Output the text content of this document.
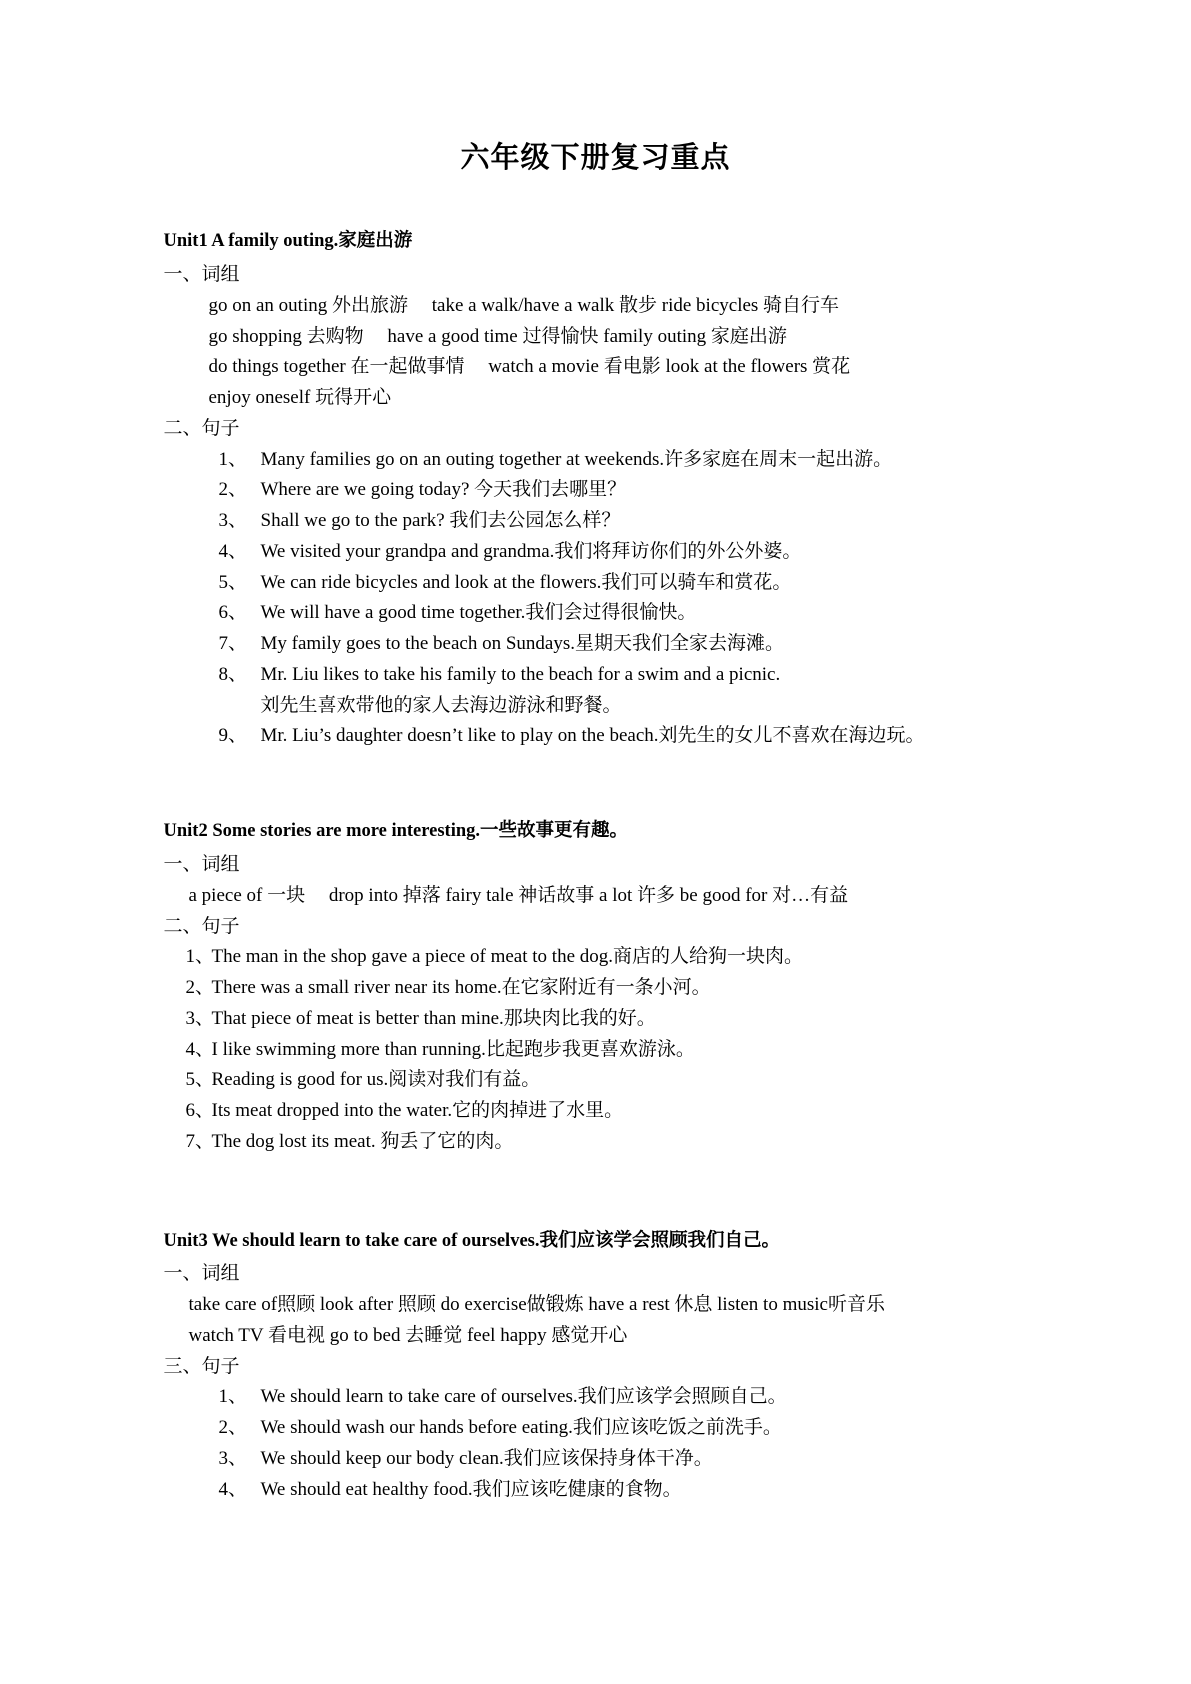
六年级下册复习重点
Unit1 A family outing.家庭出游
一、词组
go on an outing 外出旅游　 take a walk/have a walk 散步 ride bicycles 骑自行车
go shopping 去购物　 have a good time 过得愉快 family outing 家庭出游
do things together 在一起做事情　 watch a movie 看电影 look at the flowers 赏花
enjoy oneself 玩得开心
二、句子
1、 Many families go on an outing together at weekends.许多家庭在周末一起出游。
2、 Where are we going today? 今天我们去哪里？
3、 Shall we go to the park? 我们去公园怎么样？
4、 We visited your grandpa and grandma.我们将拜访你们的外公外婆。
5、 We can ride bicycles and look at the flowers.我们可以骑车和赏花。
6、 We will have a good time together.我们会过得很愉快。
7、 My family goes to the beach on Sundays.星期天我们全家去海滩。
8、 Mr. Liu likes to take his family to the beach for a swim and a picnic.
刘先生喜欢带他的家人去海边游泳和野餐。
9、 Mr. Liu’s daughter doesn’t like to play on the beach.刘先生的女儿不喜欢在海边玩。
Unit2 Some stories are more interesting.一些故事更有趣。
一、词组
a piece of 一块　 drop into 掉落 fairy tale 神话故事 a lot 许多 be good for 对…有益
二、句子
1、
The man in the shop gave a piece of meat to the dog.商店的人给狗一块肉。
2、
There was a small river near its home.在它家附近有一条小河。
3、
That piece of meat is better than mine.那块肉比我的好。
4、
I like swimming more than running.比起跑步我更喜欢游泳。
5、
Reading is good for us.阅读对我们有益。
6、
Its meat dropped into the water.它的肉掉进了水里。
7、
The dog lost its meat. 狗丢了它的肉。
Unit3 We should learn to take care of ourselves.我们应该学会照顾我们自己。
一、词组
take care of照顾 look after 照顾 do exercise做锻炼 have a rest 休息 listen to music听音乐
watch TV 看电视 go to bed 去睡觉 feel happy 感觉开心
三、句子
1、 We should learn to take care of ourselves.我们应该学会照顾自己。
2、 We should wash our hands before eating.我们应该吃饭之前洗手。
3、 We should keep our body clean.我们应该保持身体干净。
4、 We should eat healthy food.我们应该吃健康的食物。
